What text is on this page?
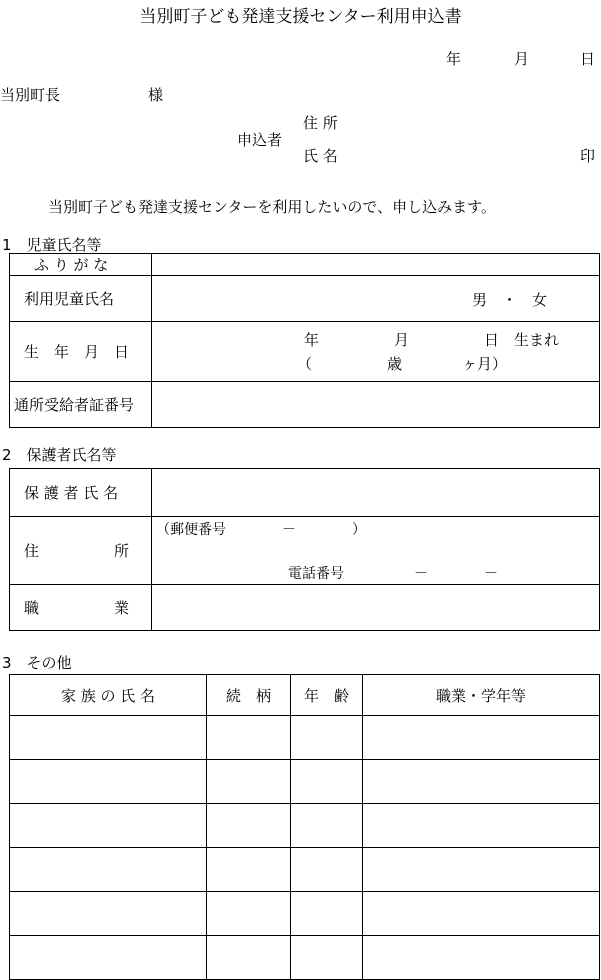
当別町子ども発達支援センター利用申込書
年	月	日
当別町長	様
申込者
住 所
氏 名	印
当別町子ども発達支援センターを利用したいので、申し込みます。
1　児童氏名等
ふ り が な	
利用児童氏名	男　・　女

生　年　月　日	年　　　　　月　　　　　日　生まれ
（　　　　　歳　　　　ヶ月）

通所受給者証番号	
2　保護者氏名等
保 護 者 氏 名	
住　　　　　所	（郵便番号　　　　－　　　　）
電話番号　　　　　－　　　　－

職　　　　　業	
3　その他
家 族 の 氏 名	続　柄	年　齢	職業・学年等
